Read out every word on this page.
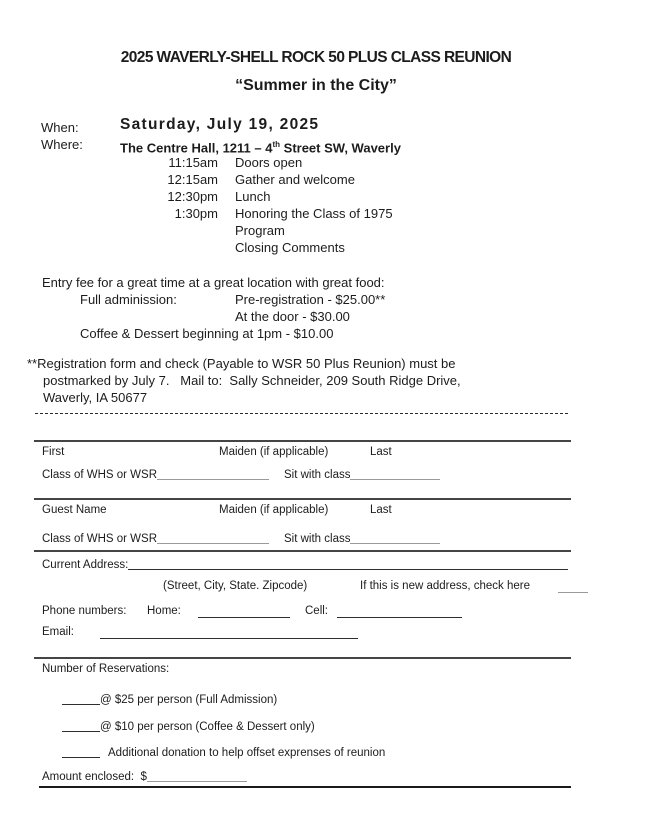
2025 WAVERLY-SHELL ROCK 50 PLUS CLASS REUNION
“Summer in the City”
When:	Saturday, July 19, 2025
Where:	The Centre Hall, 1211 – 4th Street SW, Waverly
11:15am Doors open
12:15am Gather and welcome
12:30pm Lunch
1:30pm Honoring the Class of 1975
Program
Closing Comments
Entry fee for a great time at a great location with great food:
Full adminission:	Pre-registration - $25.00**
At the door - $30.00
Coffee & Dessert beginning at 1pm - $10.00
**Registration form and check (Payable to WSR 50 Plus Reunion) must be
postmarked by July 7.   Mail to:  Sally Schneider, 209 South Ridge Drive,
Waverly, IA 50677
First	Maiden (if applicable)	Last
Class of WHS or WSR	Sit with class
Guest Name	Maiden (if applicable)	Last
Class of WHS or WSR	Sit with class
Current Address:
(Street, City, State. Zipcode)	If this is new address, check here
Phone numbers: Home:	Cell:
Email:
Number of Reservations:
@ $25 per person (Full Admission)
@ $10 per person (Coffee & Dessert only)
Additional donation to help offset exprenses of reunion
Amount enclosed:  $
